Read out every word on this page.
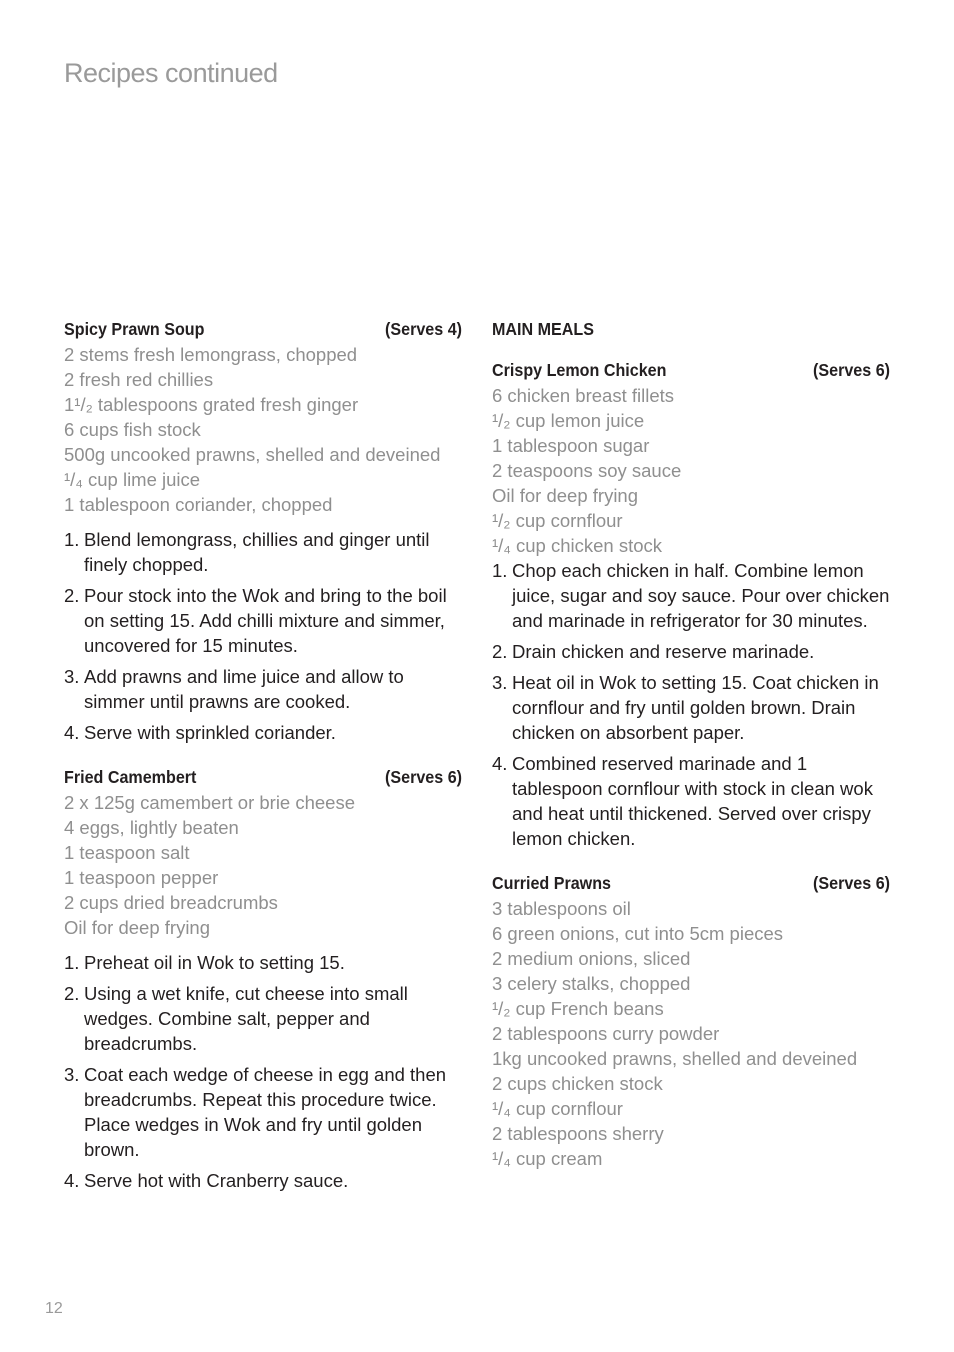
Recipes continued
Spicy Prawn Soup	(Serves 4)
2 stems fresh lemongrass, chopped
2 fresh red chillies
1¹/₂ tablespoons grated fresh ginger
6 cups fish stock
500g uncooked prawns, shelled and deveined
¹/₄ cup lime juice
1 tablespoon coriander, chopped
1. Blend lemongrass, chillies and ginger until finely chopped.
2. Pour stock into the Wok and bring to the boil on setting 15. Add chilli mixture and simmer, uncovered for 15 minutes.
3. Add prawns and lime juice and allow to simmer until prawns are cooked.
4. Serve with sprinkled coriander.
Fried Camembert	(Serves 6)
2 x 125g camembert or brie cheese
4 eggs, lightly beaten
1 teaspoon salt
1 teaspoon pepper
2 cups dried breadcrumbs
Oil for deep frying
1. Preheat oil in Wok to setting 15.
2. Using a wet knife, cut cheese into small wedges. Combine salt, pepper and breadcrumbs.
3. Coat each wedge of cheese in egg and then breadcrumbs. Repeat this procedure twice. Place wedges in Wok and fry until golden brown.
4. Serve hot with Cranberry sauce.
MAIN MEALS
Crispy Lemon Chicken	(Serves 6)
6 chicken breast fillets
¹/₂ cup lemon juice
1 tablespoon sugar
2 teaspoons soy sauce
Oil for deep frying
¹/₂ cup cornflour
¹/₄ cup chicken stock
1. Chop each chicken in half. Combine lemon juice, sugar and soy sauce. Pour over chicken and marinade in refrigerator for 30 minutes.
2. Drain chicken and reserve marinade.
3. Heat oil in Wok to setting 15. Coat chicken in cornflour and fry until golden brown. Drain chicken on absorbent paper.
4. Combined reserved marinade and 1 tablespoon cornflour with stock in clean wok and heat until thickened. Served over crispy lemon chicken.
Curried Prawns	(Serves 6)
3 tablespoons oil
6 green onions, cut into 5cm pieces
2 medium onions, sliced
3 celery stalks, chopped
¹/₂ cup French beans
2 tablespoons curry powder
1kg uncooked prawns, shelled and deveined
2 cups chicken stock
¹/₄ cup cornflour
2 tablespoons sherry
¹/₄ cup cream
12
